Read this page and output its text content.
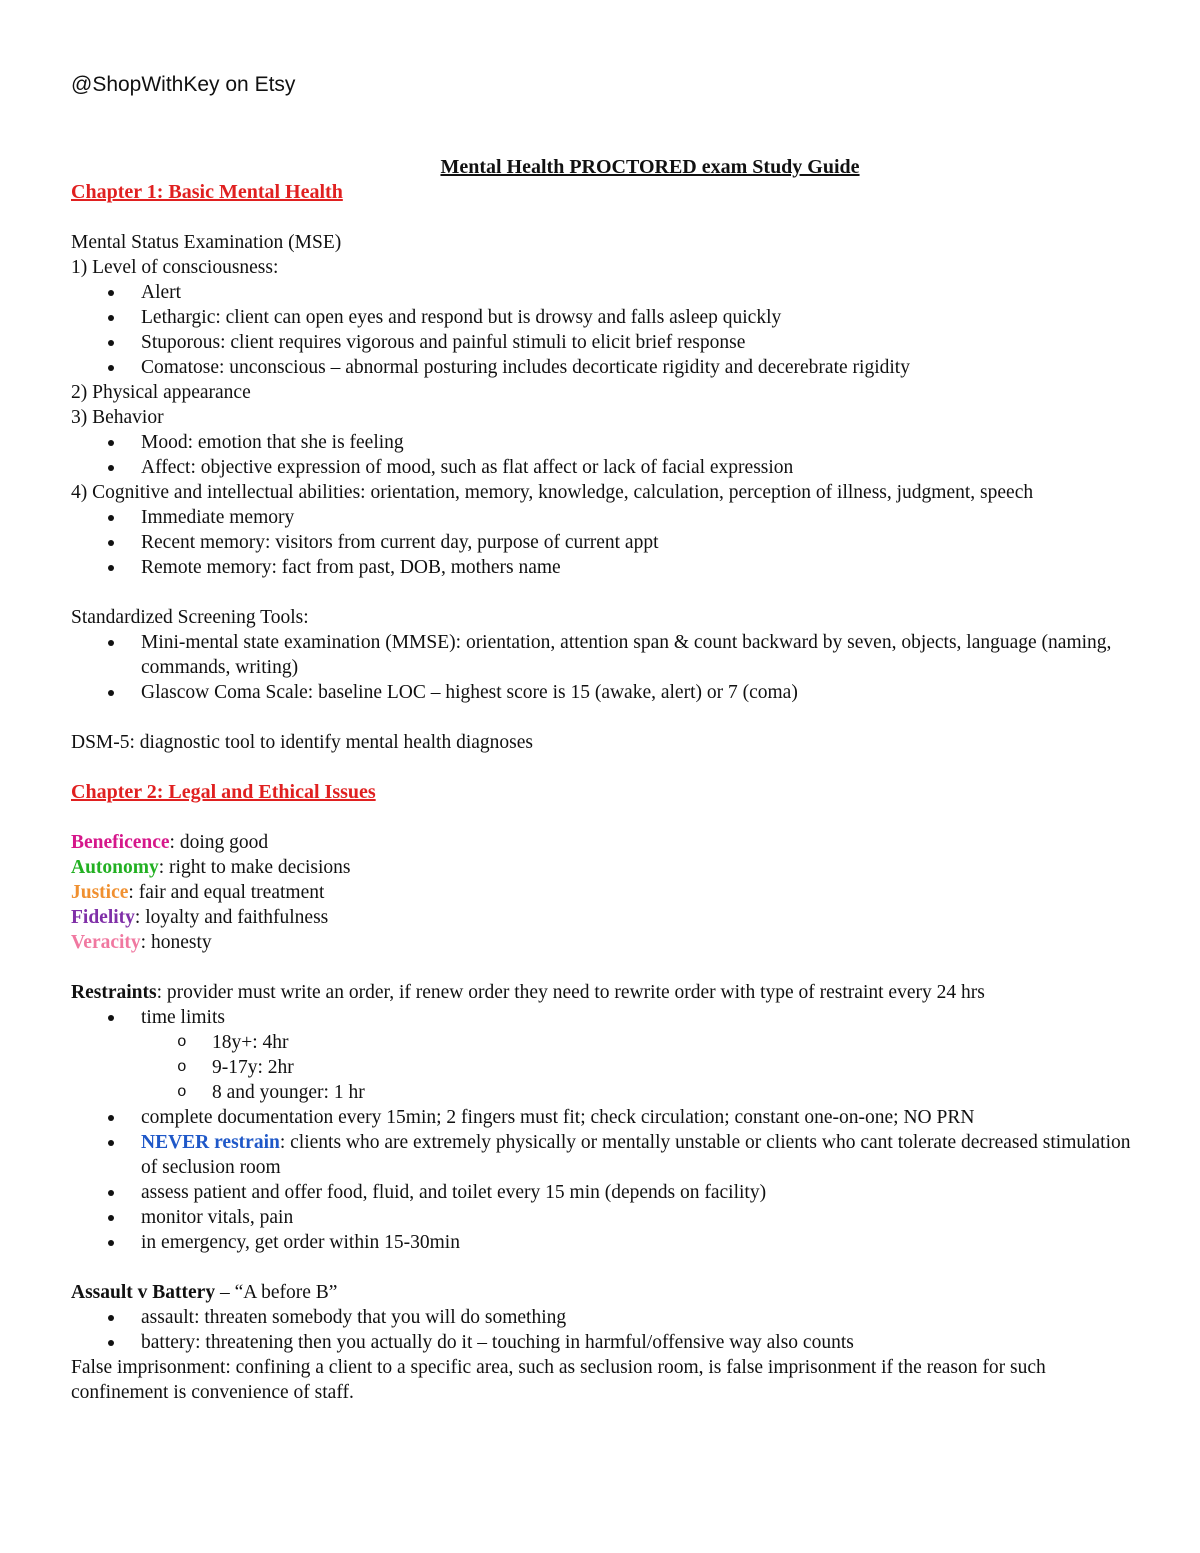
@ShopWithKey on Etsy
Mental Health PROCTORED exam Study Guide

Chapter 1: Basic Mental Health

Mental Status Examination (MSE)

1) Level of consciousness:

Alert
Lethargic: client can open eyes and respond but is drowsy and falls asleep quickly
Stuporous: client requires vigorous and painful stimuli to elicit brief response
Comatose: unconscious – abnormal posturing includes decorticate rigidity and decerebrate rigidity

2) Physical appearance

3) Behavior

Mood: emotion that she is feeling
Affect: objective expression of mood, such as flat affect or lack of facial expression

4) Cognitive and intellectual abilities: orientation, memory, knowledge, calculation, perception of illness, judgment, speech

Immediate memory
Recent memory: visitors from current day, purpose of current appt
Remote memory: fact from past, DOB, mothers name

Standardized Screening Tools:

Mini-mental state examination (MMSE): orientation, attention span & count backward by seven, objects, language (naming, commands, writing)
Glascow Coma Scale: baseline LOC – highest score is 15 (awake, alert) or 7 (coma)

DSM-5: diagnostic tool to identify mental health diagnoses

Chapter 2: Legal and Ethical Issues

Beneficence: doing good

Autonomy: right to make decisions

Justice: fair and equal treatment

Fidelity: loyalty and faithfulness

Veracity: honesty

Restraints: provider must write an order, if renew order they need to rewrite order with type of restraint every 24 hrs

time limits
o 18y+: 4hr
o 9-17y: 2hr
o 8 and younger: 1 hr
complete documentation every 15min; 2 fingers must fit; check circulation; constant one-on-one; NO PRN
NEVER restrain: clients who are extremely physically or mentally unstable or clients who cant tolerate decreased stimulation of seclusion room
assess patient and offer food, fluid, and toilet every 15 min (depends on facility)
monitor vitals, pain
in emergency, get order within 15-30min

Assault v Battery – “A before B”

assault: threaten somebody that you will do something
battery: threatening then you actually do it – touching in harmful/offensive way also counts

False imprisonment: confining a client to a specific area, such as seclusion room, is false imprisonment if the reason for such confinement is convenience of staff.
